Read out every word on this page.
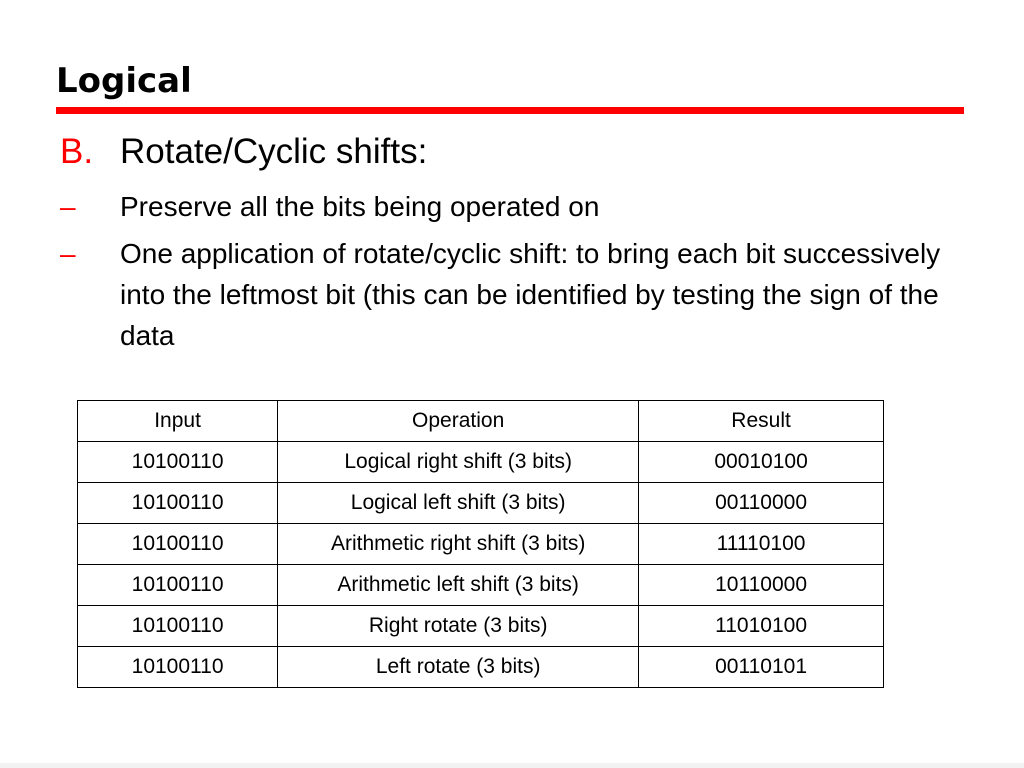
Logical
B. Rotate/Cyclic shifts:
– Preserve all the bits being operated on
– One application of rotate/cyclic shift: to bring each bit successively into the leftmost bit (this can be identified by testing the sign of the data
Input	Operation	Result
10100110	Logical right shift (3 bits)	00010100
10100110	Logical left shift (3 bits)	00110000
10100110	Arithmetic right shift (3 bits)	11110100
10100110	Arithmetic left shift (3 bits)	10110000
10100110	Right rotate (3 bits)	11010100
10100110	Left rotate (3 bits)	00110101
